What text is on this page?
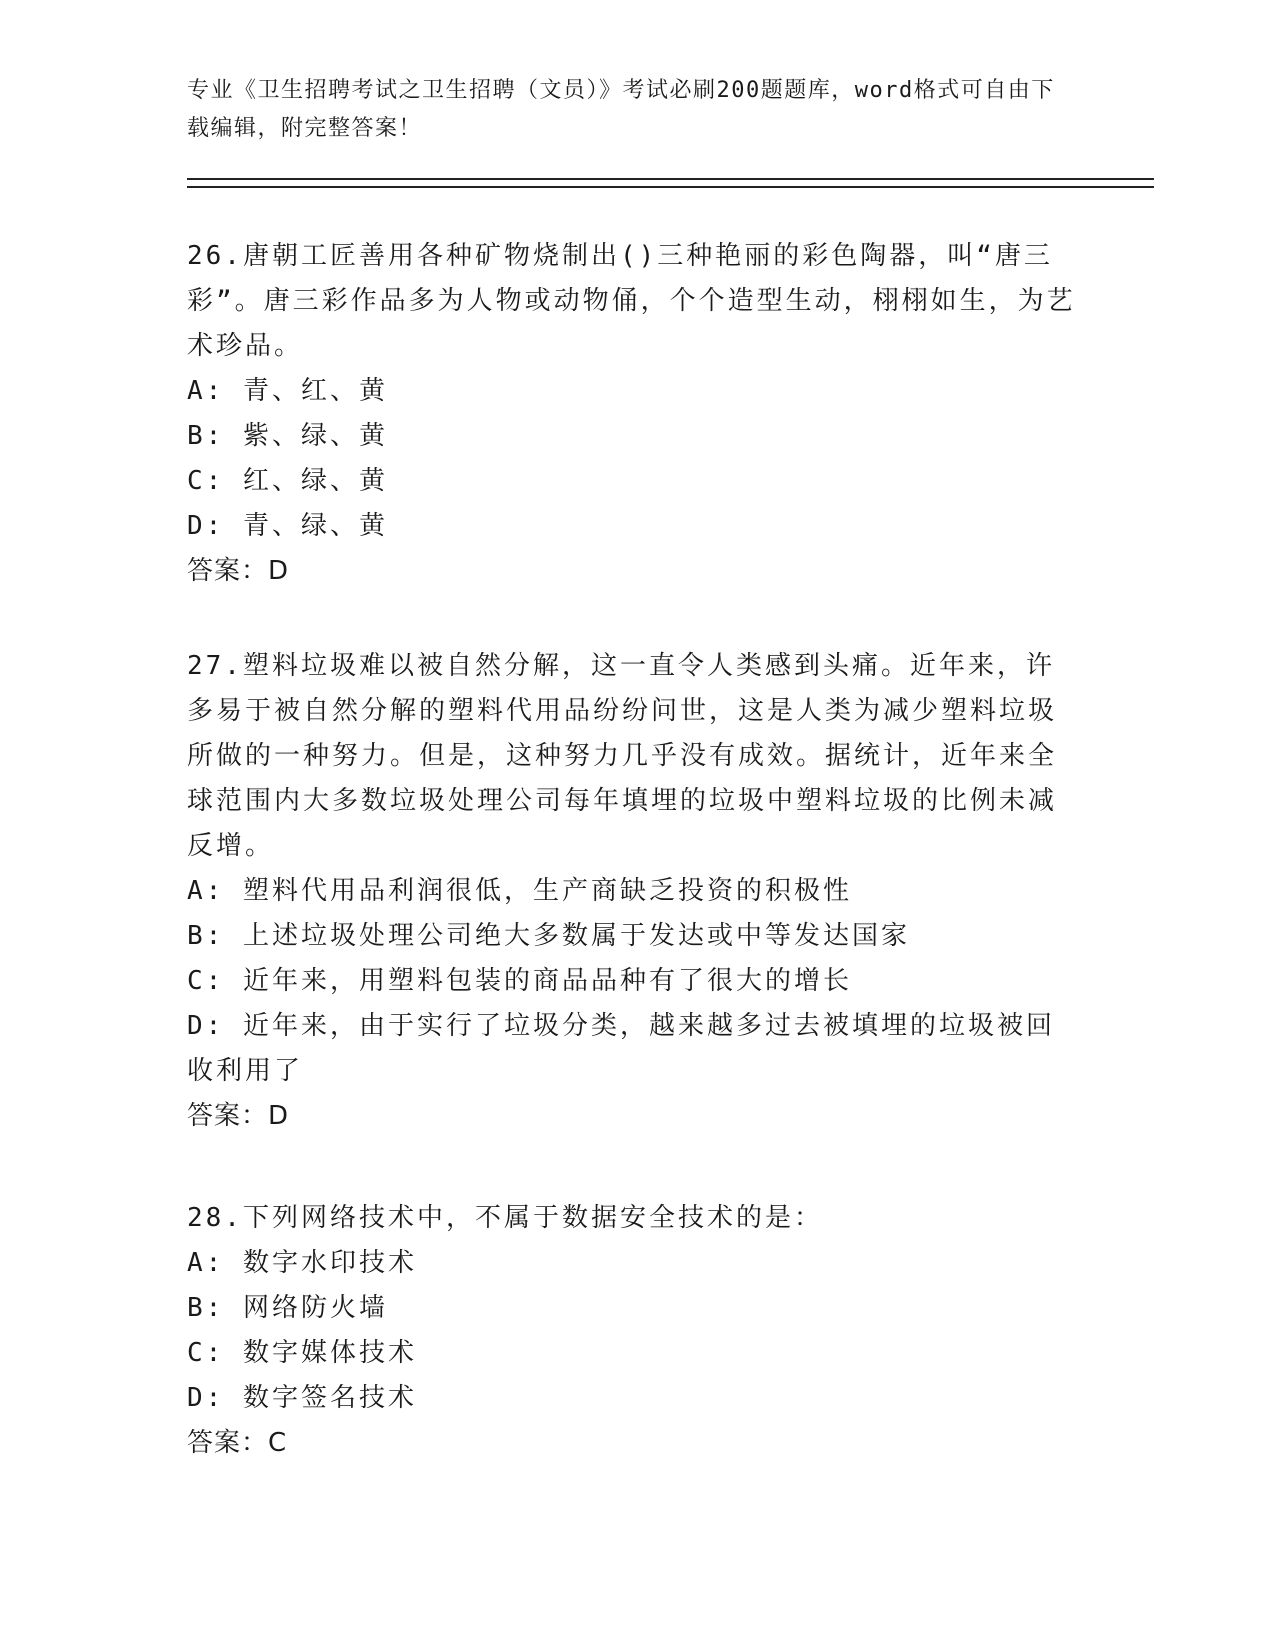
专业《卫生招聘考试之卫生招聘（文员）》考试必刷200题题库，word格式可自由下载编辑，附完整答案！
26.唐朝工匠善用各种矿物烧制出()三种艳丽的彩色陶器，叫“唐三彩”。唐三彩作品多为人物或动物俑，个个造型生动，栩栩如生，为艺术珍品。
A: 青、红、黄
B: 紫、绿、黄
C: 红、绿、黄
D: 青、绿、黄
答案：D
27.塑料垃圾难以被自然分解，这一直令人类感到头痛。近年来，许多易于被自然分解的塑料代用品纷纷问世，这是人类为减少塑料垃圾所做的一种努力。但是，这种努力几乎没有成效。据统计，近年来全球范围内大多数垃圾处理公司每年填埋的垃圾中塑料垃圾的比例未减反增。
A: 塑料代用品利润很低，生产商缺乏投资的积极性
B: 上述垃圾处理公司绝大多数属于发达或中等发达国家
C: 近年来，用塑料包装的商品品种有了很大的增长
D: 近年来，由于实行了垃圾分类，越来越多过去被填埋的垃圾被回收利用了
答案：D
28.下列网络技术中，不属于数据安全技术的是：
A: 数字水印技术
B: 网络防火墙
C: 数字媒体技术
D: 数字签名技术
答案：C
